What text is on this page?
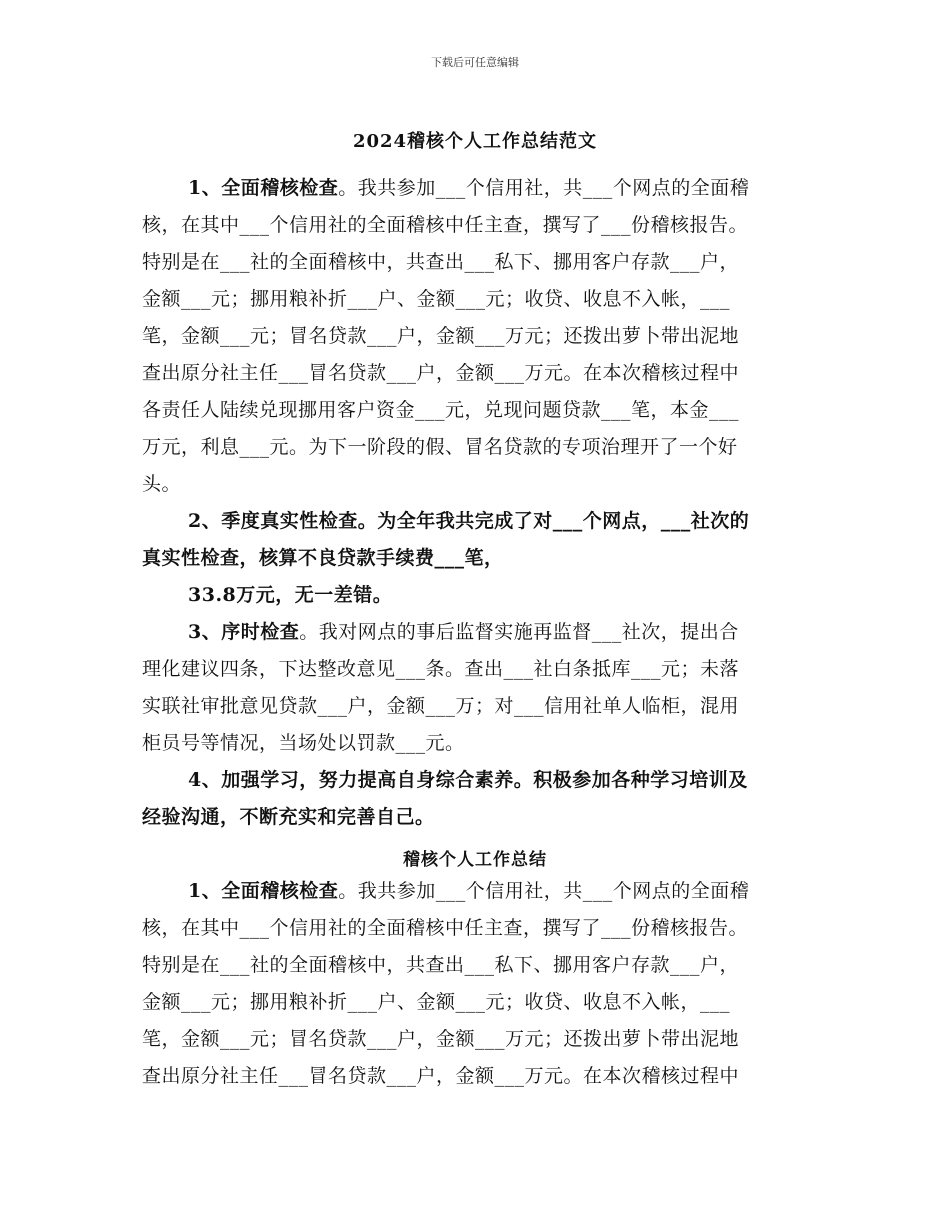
下载后可任意编辑
2024稽核个人工作总结范文
1、全面稽核检查。我共参加___个信用社，共___个网点的全面稽
核，在其中___个信用社的全面稽核中任主查，撰写了___份稽核报告。
特别是在___社的全面稽核中，共查出___私下、挪用客户存款___户，
金额___元；挪用粮补折___户、金额___元；收贷、收息不入帐，___
笔，金额___元；冒名贷款___户，金额___万元；还拨出萝卜带出泥地
查出原分社主任___冒名贷款___户，金额___万元。在本次稽核过程中
各责任人陆续兑现挪用客户资金___元，兑现问题贷款___笔，本金___
万元，利息___元。为下一阶段的假、冒名贷款的专项治理开了一个好
头。
2、季度真实性检查。为全年我共完成了对___个网点，___社次的
真实性检查，核算不良贷款手续费___笔，
33.8万元，无一差错。
3、序时检查。我对网点的事后监督实施再监督___社次，提出合
理化建议四条，下达整改意见___条。查出___社白条抵库___元；未落
实联社审批意见贷款___户，金额___万；对___信用社单人临柜，混用
柜员号等情况，当场处以罚款___元。
4、加强学习，努力提高自身综合素养。积极参加各种学习培训及
经验沟通，不断充实和完善自己。
稽核个人工作总结
1、全面稽核检查。我共参加___个信用社，共___个网点的全面稽
核，在其中___个信用社的全面稽核中任主查，撰写了___份稽核报告。
特别是在___社的全面稽核中，共查出___私下、挪用客户存款___户，
金额___元；挪用粮补折___户、金额___元；收贷、收息不入帐，___
笔，金额___元；冒名贷款___户，金额___万元；还拨出萝卜带出泥地
查出原分社主任___冒名贷款___户，金额___万元。在本次稽核过程中
